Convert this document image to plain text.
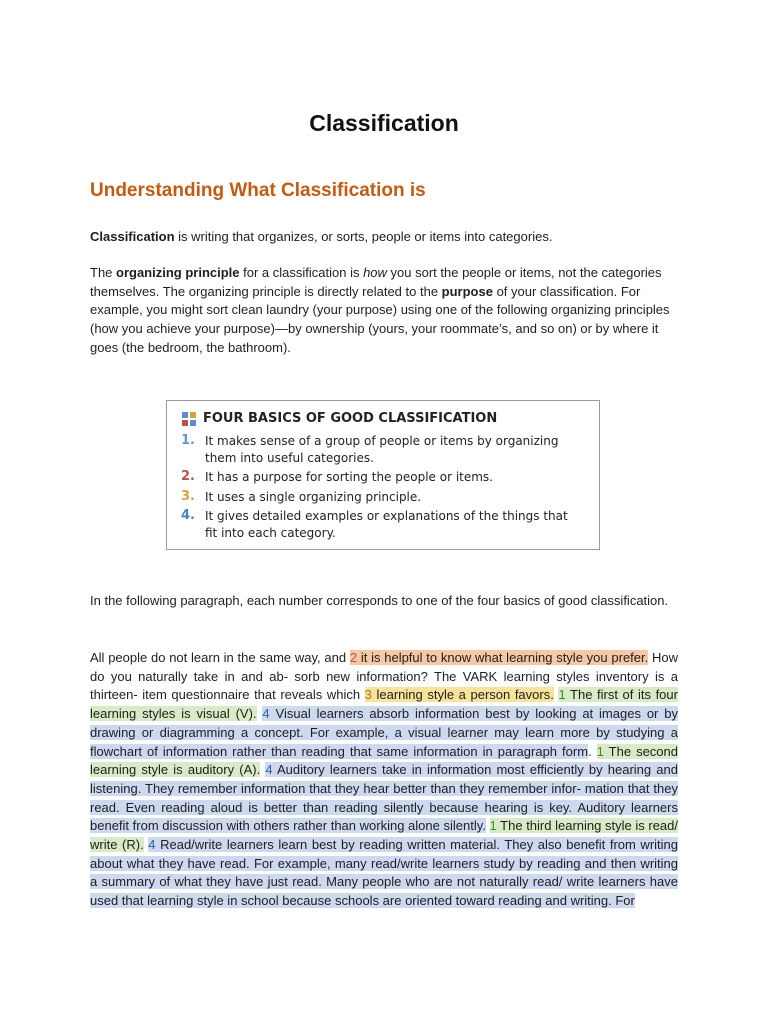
Classification
Understanding What Classification is

Classification is writing that organizes, or sorts, people or items into categories.

The organizing principle for a classification is how you sort the people or items, not the categories themselves. The organizing principle is directly related to the purpose of your classification. For example, you might sort clean laundry (your purpose) using one of the following organizing principles (how you achieve your purpose)—by ownership (yours, your roommate’s, and so on) or by where it goes (the bedroom, the bathroom).

FOUR BASICS OF GOOD CLASSIFICATION
1. It makes sense of a group of people or items by organizing them into useful categories.
2. It has a purpose for sorting the people or items.
3. It uses a single organizing principle.
4. It gives detailed examples or explanations of the things that fit into each category.

In the following paragraph, each number corresponds to one of the four basics of good classification.

All people do not learn in the same way, and 2 it is helpful to know what learning style you prefer. How do you naturally take in and ab- sorb new information? The VARK learning styles inventory is a thirteen- item questionnaire that reveals which 3 learning style a person favors. 1 The first of its four learning styles is visual (V). 4 Visual learners absorb information best by looking at images or by drawing or diagramming a concept. For example, a visual learner may learn more by studying a flowchart of information rather than reading that same information in paragraph form. 1 The second learning style is auditory (A). 4 Auditory learners take in information most efficiently by hearing and listening. They remember information that they hear better than they remember infor- mation that they read. Even reading aloud is better than reading silently because hearing is key. Auditory learners benefit from discussion with others rather than working alone silently. 1 The third learning style is read/ write (R). 4 Read/write learners learn best by reading written material. They also benefit from writing about what they have read. For example, many read/write learners study by reading and then writing a summary of what they have just read. Many people who are not naturally read/ write learners have used that learning style in school because schools are oriented toward reading and writing. For
